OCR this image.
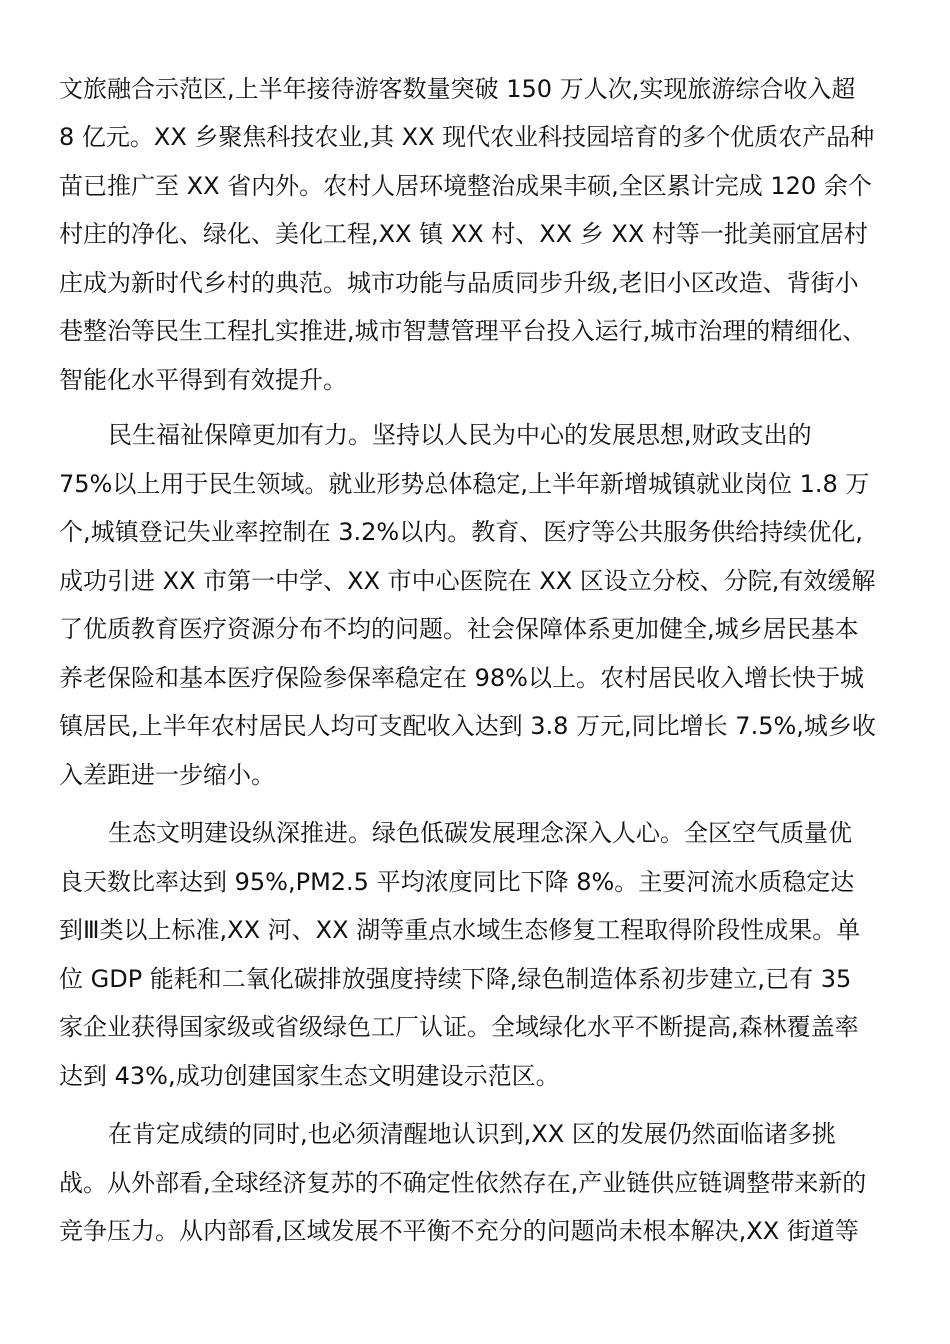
文旅融合示范区,上半年接待游客数量突破 150 万人次,实现旅游综合收入超
8 亿元。XX 乡聚焦科技农业,其 XX 现代农业科技园培育的多个优质农产品种
苗已推广至 XX 省内外。农村人居环境整治成果丰硕,全区累计完成 120 余个
村庄的净化、绿化、美化工程,XX 镇 XX 村、XX 乡 XX 村等一批美丽宜居村
庄成为新时代乡村的典范。城市功能与品质同步升级,老旧小区改造、背街小
巷整治等民生工程扎实推进,城市智慧管理平台投入运行,城市治理的精细化、
智能化水平得到有效提升。
民生福祉保障更加有力。坚持以人民为中心的发展思想,财政支出的
75%以上用于民生领域。就业形势总体稳定,上半年新增城镇就业岗位 1.8 万
个,城镇登记失业率控制在 3.2%以内。教育、医疗等公共服务供给持续优化,
成功引进 XX 市第一中学、XX 市中心医院在 XX 区设立分校、分院,有效缓解
了优质教育医疗资源分布不均的问题。社会保障体系更加健全,城乡居民基本
养老保险和基本医疗保险参保率稳定在 98%以上。农村居民收入增长快于城
镇居民,上半年农村居民人均可支配收入达到 3.8 万元,同比增长 7.5%,城乡收
入差距进一步缩小。
生态文明建设纵深推进。绿色低碳发展理念深入人心。全区空气质量优
良天数比率达到 95%,PM2.5 平均浓度同比下降 8%。主要河流水质稳定达
到Ⅲ类以上标准,XX 河、XX 湖等重点水域生态修复工程取得阶段性成果。单
位 GDP 能耗和二氧化碳排放强度持续下降,绿色制造体系初步建立,已有 35
家企业获得国家级或省级绿色工厂认证。全域绿化水平不断提高,森林覆盖率
达到 43%,成功创建国家生态文明建设示范区。
在肯定成绩的同时,也必须清醒地认识到,XX 区的发展仍然面临诸多挑
战。从外部看,全球经济复苏的不确定性依然存在,产业链供应链调整带来新的
竞争压力。从内部看,区域发展不平衡不充分的问题尚未根本解决,XX 街道等
